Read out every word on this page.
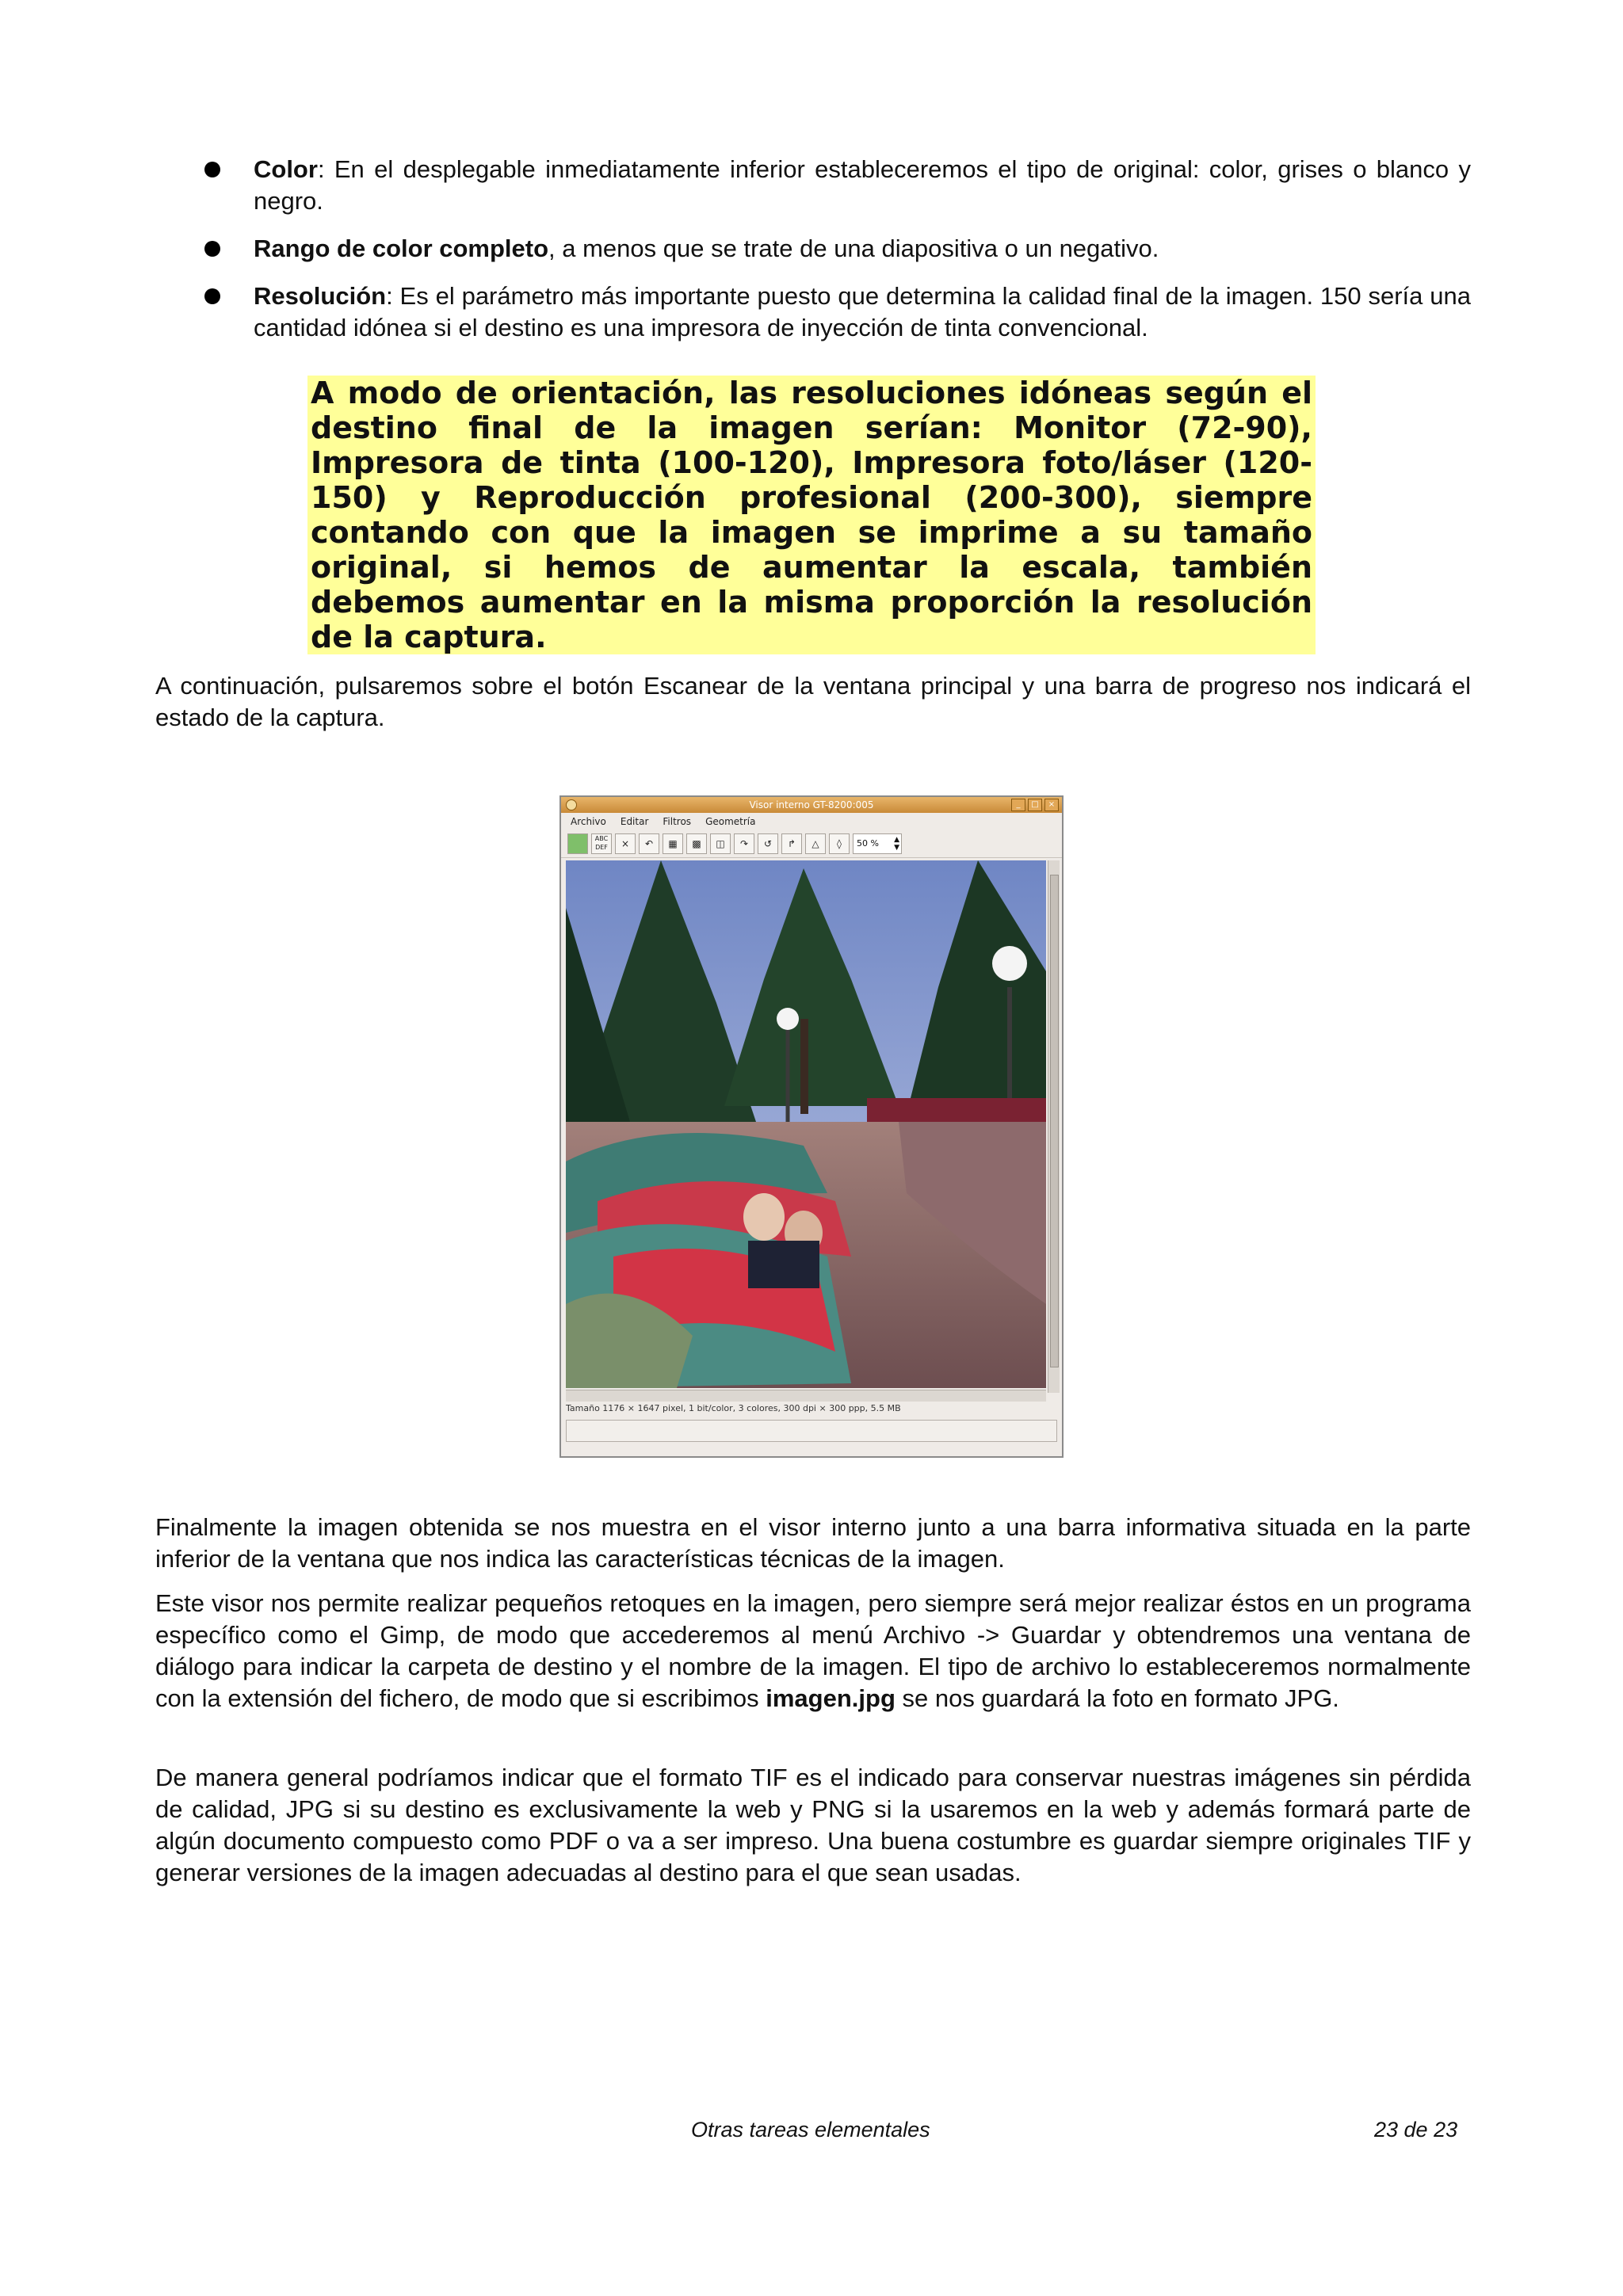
Color: En el desplegable inmediatamente inferior estableceremos el tipo de original: color, grises o blanco y negro.
Rango de color completo, a menos que se trate de una diapositiva o un negativo.
Resolución: Es el parámetro más importante puesto que determina la calidad final de la imagen. 150 sería una cantidad idónea si el destino es una impresora de inyección de tinta convencional.
A modo de orientación, las resoluciones idóneas según el destino final de la imagen serían: Monitor (72-90), Impresora de tinta (100-120), Impresora foto/láser (120-150) y Reproducción profesional (200-300), siempre contando con que la imagen se imprime a su tamaño original, si hemos de aumentar la escala, también debemos aumentar en la misma proporción la resolución de la captura.

A continuación, pulsaremos sobre el botón Escanear de la ventana principal y una barra de progreso nos indicará el estado de la captura.

Visor interno GT-8200:005	_	□	×
Archivo Editar Filtros Geometría
ABC
DEF	×	↶	▦	▩	◫	↷	↺	↱	△	◊	50 % ▲
▼
Tamaño 1176 × 1647 pixel, 1 bit/color, 3 colores, 300 dpi × 300 ppp, 5.5 MB

Finalmente la imagen obtenida se nos muestra en el visor interno junto a una barra informativa situada en la parte inferior de la ventana que nos indica las características técnicas de la imagen.

Este visor nos permite realizar pequeños retoques en la imagen, pero siempre será mejor realizar éstos en un programa específico como el Gimp, de modo que accederemos al menú Archivo -> Guardar y obtendremos una ventana de diálogo para indicar la carpeta de destino y el nombre de la imagen. El tipo de archivo lo estableceremos normalmente con la extensión del fichero, de modo que si escribimos imagen.jpg se nos guardará la foto en formato JPG.

De manera general podríamos indicar que el formato TIF es el indicado para conservar nuestras imágenes sin pérdida de calidad, JPG si su destino es exclusivamente la web y PNG si la usaremos en la web y además formará parte de algún documento compuesto como PDF o va a ser impreso. Una buena costumbre es guardar siempre originales TIF y generar versiones de la imagen adecuadas al destino para el que sean usadas.

Otras tareas elementales	23 de 23
